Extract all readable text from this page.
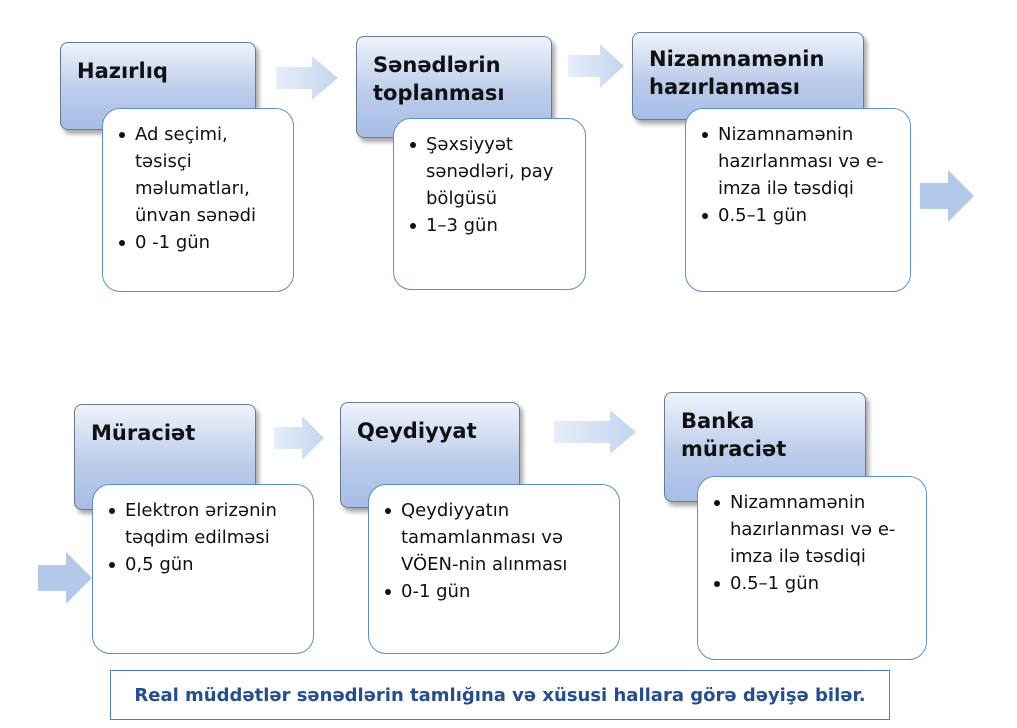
Hazırlıq
Ad seçimi, təsisçi məlumatları, ünvan sənədi
0 -1 gün
Sənədlərin toplanması
Şəxsiyyət sənədləri, pay bölgüsü
1–3 gün
Nizamnamənin hazırlanması
Nizamnamənin hazırlanması və e-imza ilə təsdiqi
0.5–1 gün
Müraciət
Elektron ərizənin təqdim edilməsi
0,5 gün
Qeydiyyat
Qeydiyyatın tamamlanması və VÖEN-nin alınması
0-1 gün
Banka müraciət
Nizamnamənin hazırlanması və e-imza ilə təsdiqi
0.5–1 gün
Real müddətlər sənədlərin tamlığına və xüsusi hallara görə dəyişə bilər.
